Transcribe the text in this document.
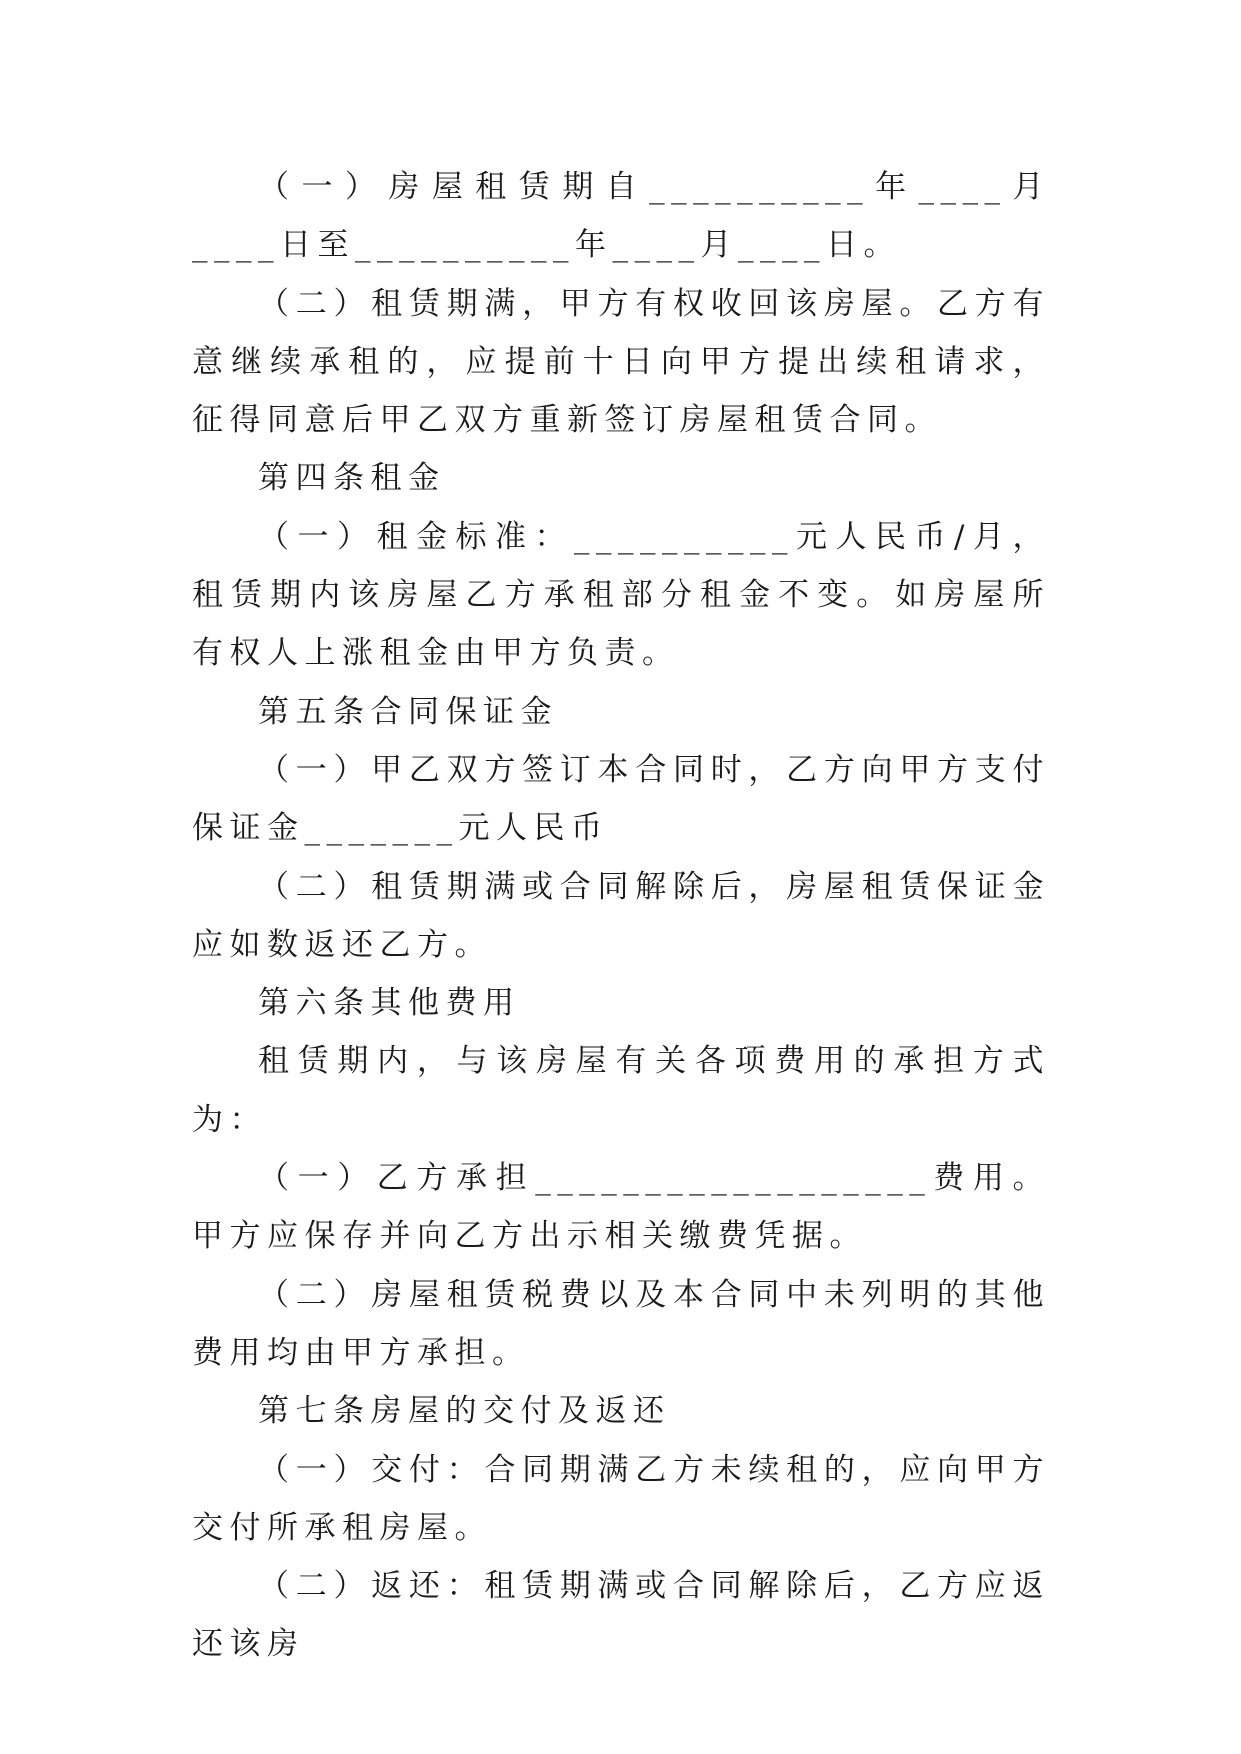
（一）房屋租赁期自__________年____月____日至__________年____月____日。

（二）租赁期满，甲方有权收回该房屋。乙方有意继续承租的，应提前十日向甲方提出续租请求，征得同意后甲乙双方重新签订房屋租赁合同。

第四条租金

（一）租金标准：__________元人民币/月，租赁期内该房屋乙方承租部分租金不变。如房屋所有权人上涨租金由甲方负责。

第五条合同保证金

（一）甲乙双方签订本合同时，乙方向甲方支付保证金_______元人民币

（二）租赁期满或合同解除后，房屋租赁保证金应如数返还乙方。

第六条其他费用

租赁期内，与该房屋有关各项费用的承担方式为：

（一）乙方承担__________________费用。甲方应保存并向乙方出示相关缴费凭据。

（二）房屋租赁税费以及本合同中未列明的其他费用均由甲方承担。

第七条房屋的交付及返还

（一）交付：合同期满乙方未续租的，应向甲方交付所承租房屋。

（二）返还：租赁期满或合同解除后，乙方应返还该房
